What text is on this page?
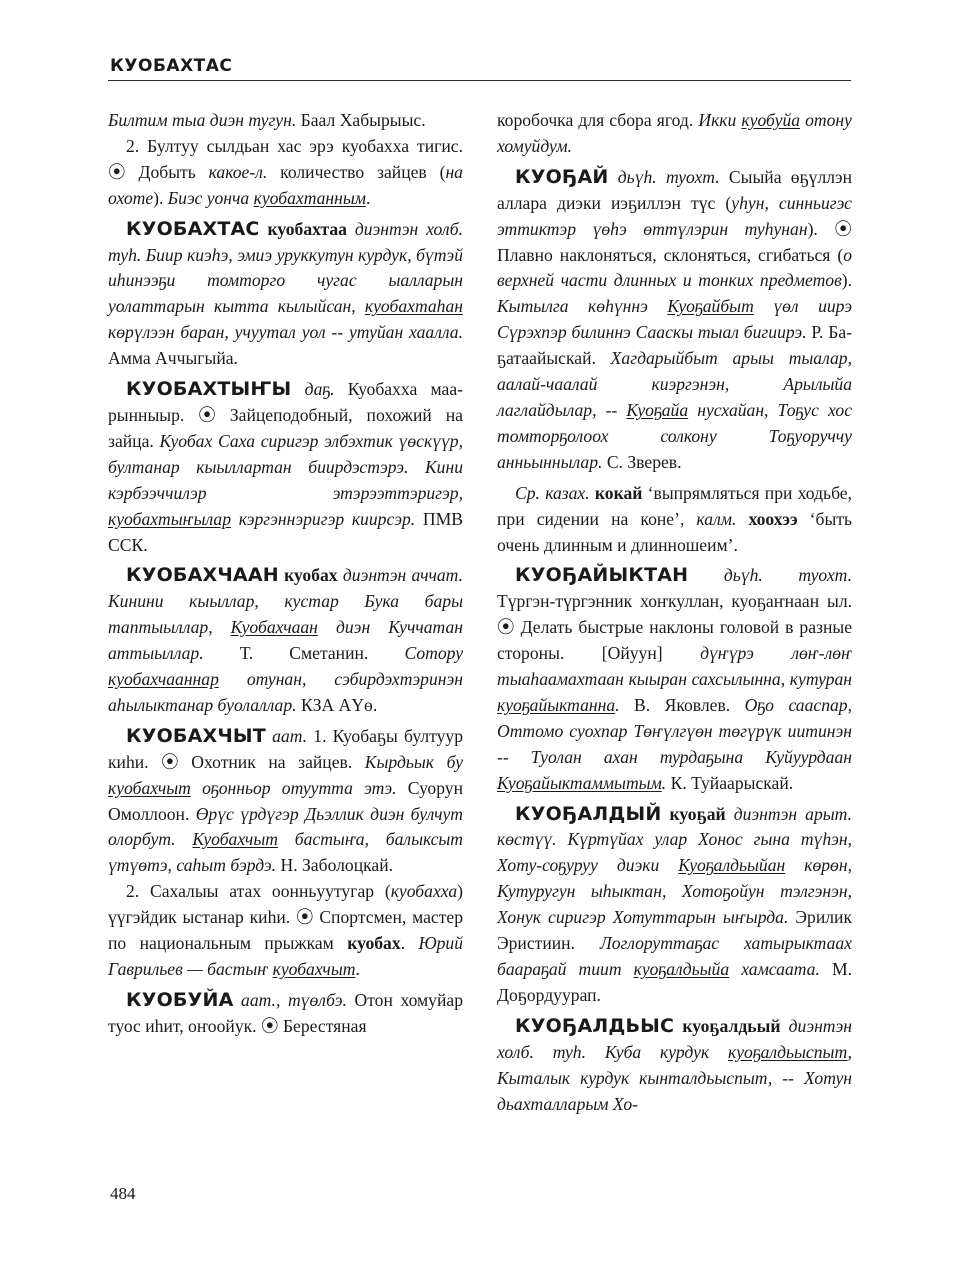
КУОБАХТАС

Билтим тыа диэн тугун. Баал Хабырыыс.

2. Бултуу сылдьан хас эрэ куобахха тигис. ⦿ Добыть какое-л. количество зайцев (на охоте). Биэс уонча куобахтанным.

КУОБАХТАС куобахтаа диэнтэн холб. туһ. Биир киэһэ, эмиэ уруккутун курдук, бүтэй иһинээҕи томторго чугас ыалларын уолаттарын кытта кылыйсан, куобахтаһан көрүлээн баран, учуутал уол -- утуйан хаалла. Амма Аччыгыйа.

КУОБАХТЫҤЫ даҕ. Куобахха маарынныыр. ⦿ Зайцеподобный, похожий на зайца. Куобах Саха сиригэр элбэхтик үөскүүр, бултанар кыыллартан биирдэстэрэ. Кини кэрбээччилэр этэрээттэригэр, куобахтыҥылар кэргэннэригэр киирсэр. ПМВ ССК.

КУОБАХЧААН куобах диэнтэн аччат. Кинини кыыллар, кустар Бука бары таптыыллар, Куобахчаан диэн Куччатан аттыыллар. Т. Сметанин. Сотору куобахчааннар отунан, сэбирдэхтэринэн аһылыктанар буолаллар. КЗА АҮө.

КУОБАХЧЫТ аат. 1. Куобаҕы бултуур киһи. ⦿ Охотник на зайцев. Кырдьык бу куобахчыт оҕонньор отуутта этэ. Суорун Омоллоон. Өрүс үрдүгэр Дьэллик диэн булчут олорбут. Куобахчыт бастыҥа, балыксыт үтүөтэ, саһыт бэрдэ. Н. Заболоцкай.

2. Сахалыы атах оонньуутугар (куобахха) үүгэйдик ыстанар киһи. ⦿ Спортсмен, мастер по национальным прыжкам куобах. Юрий Гаврильев — бастыҥ куобахчыт.

КУОБУЙА аат., түөлбэ. Отон хомуйар туос иһит, оҥоойук. ⦿ Берестяная

коробочка для сбора ягод. Икки куобуйа отону хомуйдум.

КУОҔАЙ дьүһ. туохт. Сыыйа өҕүллэн аллара диэки иэҕиллэн түс (уһун, синньигэс эттиктэр үөһэ өттүлэрин туһунан). ⦿ Плавно наклоняться, склоняться, сгибаться (о верхней части длинных и тонких предметов). Кытылга көһүннэ Куоҕайбыт үөл иирэ Сүрэхпэр билиннэ Сааскы тыал бигиирэ. Р. Баҕатаайыскай. Хагдарыйбыт арыы тыалар, аалай-чаалай киэргэнэн, Арылыйа лаглайдылар, -- Куоҕайа нусхайан, Тоҕус хос томторҕолоох солкону Тоҕуоруччу анньыннылар. С. Зверев.

Ср. казах. кокай ‘выпрямляться при ходьбе, при сидении на коне’, калм. хоохээ ‘быть очень длинным и длинношеим’.

КУОҔАЙЫКТАН дьүһ. туохт. Түргэн-түргэнник хоҥкуллан, куоҕаҥнаан ыл. ⦿ Делать быстрые наклоны головой в разные стороны. [Ойуун] дүҥүрэ лөҥ-лөҥ тыаһаамахтаан кыыран сахсылынна, кутуран куоҕайыктанна. В. Яковлев. Оҕо сааспар, Оттомо суохпар Төҥүлгүөн төгүрүк иитинэн -- Туолан ахан турдаҕына Куйуурдаан Куоҕайыктаммытым. К. Туйаарыскай.

КУОҔАЛДЫЙ куоҕай диэнтэн арыт. көстүү. Күртүйах улар Хонос гына түһэн, Хоту-соҕуруу диэки Куоҕалдьыйан көрөн, Кутуругун ыһыктан, Хотоҕойун тэлгэнэн, Хонук сиригэр Хотуттарын ыҥырда. Эрилик Эристиин. Логлоруттаҕас хатырыктаах баараҕай тиит куоҕалдьыйа хамсаата. М. Доҕордуурап.

КУОҔАЛДЬЫС куоҕалдьый диэнтэн холб. туһ. Куба курдук куоҕалдьыспыт, Кыталык курдук кынталдьыспыт, -- Хотун дьахталларым Хо-

484
